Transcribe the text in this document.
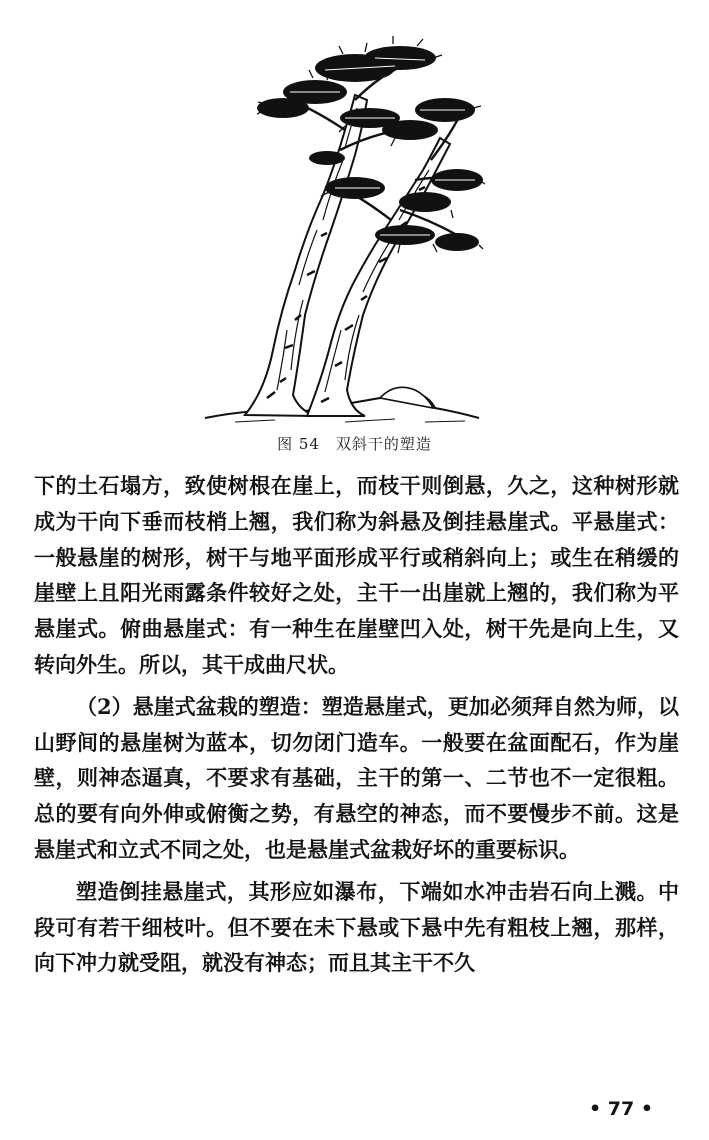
图 54　双斜干的塑造

下的土石塌方，致使树根在崖上，而枝干则倒悬，久之，这种树形就成为干向下垂而枝梢上翘，我们称为斜悬及倒挂悬崖式。平悬崖式：一般悬崖的树形，树干与地平面形成平行或稍斜向上；或生在稍缓的崖壁上且阳光雨露条件较好之处，主干一出崖就上翘的，我们称为平悬崖式。俯曲悬崖式：有一种生在崖壁凹入处，树干先是向上生，又转向外生。所以，其干成曲尺状。

（2）悬崖式盆栽的塑造：塑造悬崖式，更加必须拜自然为师，以山野间的悬崖树为蓝本，切勿闭门造车。一般要在盆面配石，作为崖壁，则神态逼真，不要求有基础，主干的第一、二节也不一定很粗。总的要有向外伸或俯衡之势，有悬空的神态，而不要慢步不前。这是悬崖式和立式不同之处，也是悬崖式盆栽好坏的重要标识。

塑造倒挂悬崖式，其形应如瀑布，下端如水冲击岩石向上溅。中段可有若干细枝叶。但不要在未下悬或下悬中先有粗枝上翘，那样，向下冲力就受阻，就没有神态；而且其主干不久

• 77 •
